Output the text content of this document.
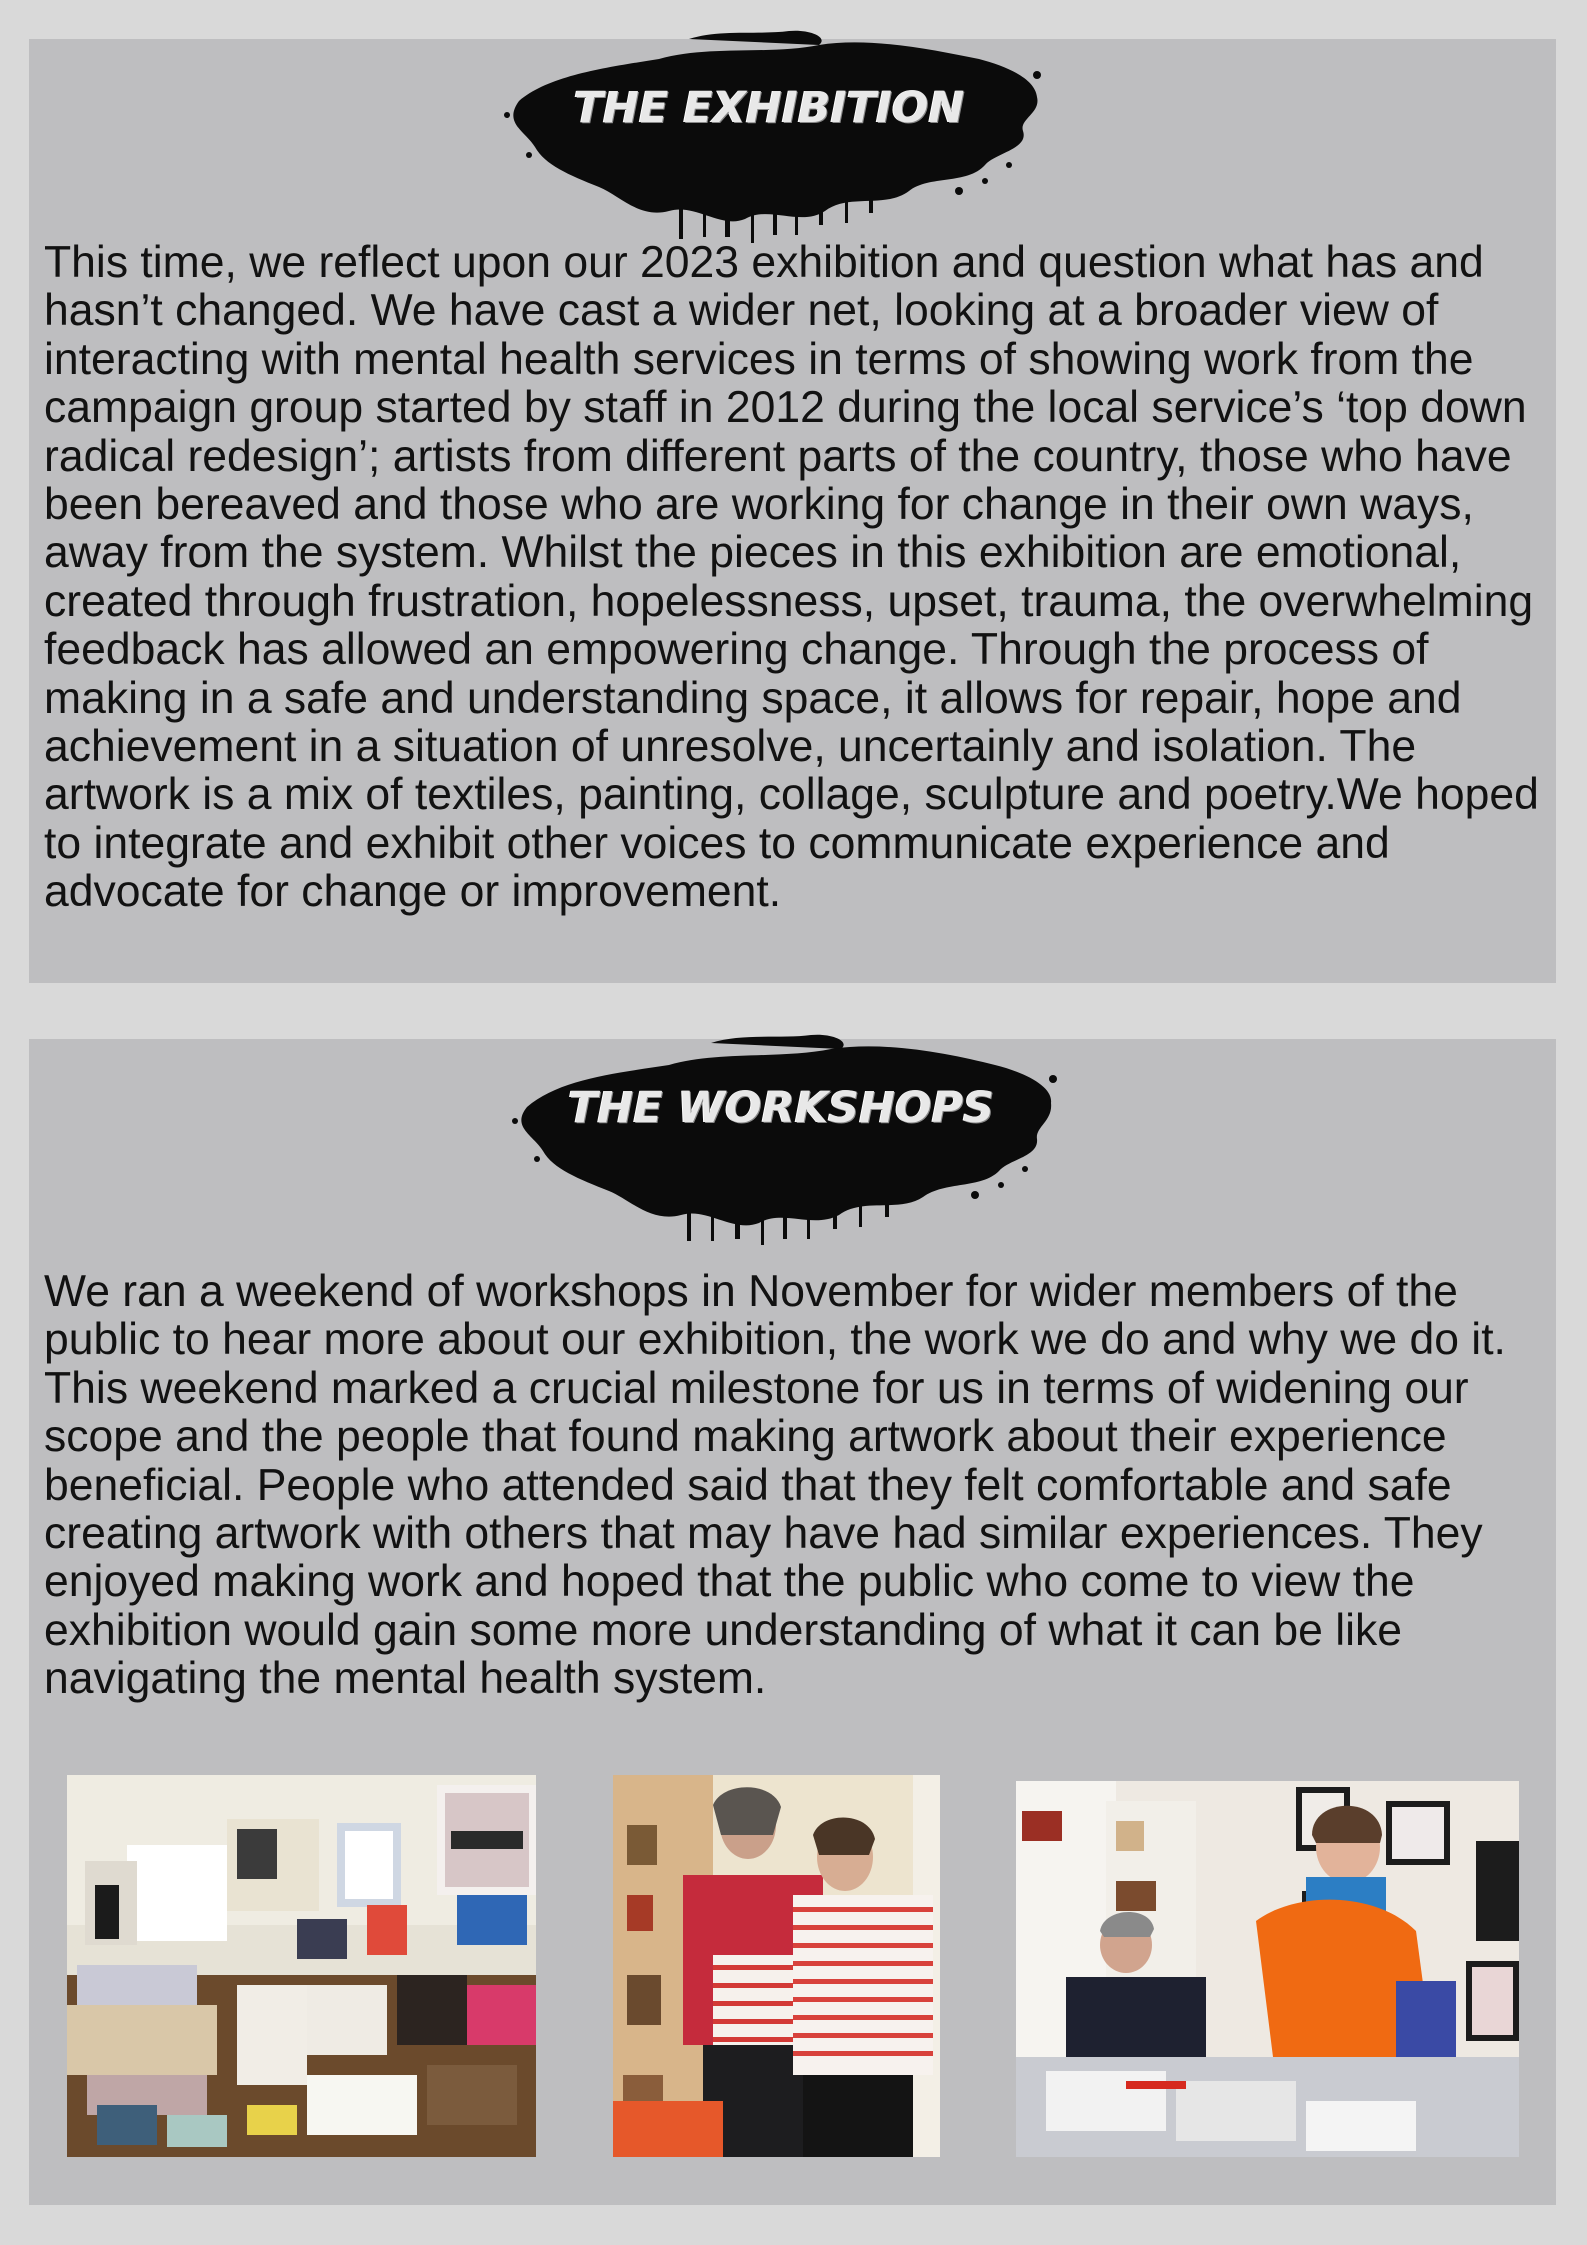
THE EXHIBITION

This time, we reflect upon our 2023 exhibition and question what has and hasn’t changed. We have cast a wider net, looking at a broader view of interacting with mental health services in terms of showing work from the campaign group started by staff in 2012 during the local service’s ‘top down radical redesign’; artists from different parts of the country, those who have been bereaved and those who are working for change in their own ways, away from the system. Whilst the pieces in this exhibition are emotional, created through frustration, hopelessness, upset, trauma, the overwhelming feedback has allowed an empowering change. Through the process of making in a safe and understanding space, it allows for repair, hope and achievement in a situation of unresolve, uncertainly and isolation. The artwork is a mix of textiles, painting, collage, sculpture and poetry.We hoped to integrate and exhibit other voices to communicate experience and advocate for change or improvement.

THE WORKSHOPS

We ran a weekend of workshops in November for wider members of the public to hear more about our exhibition, the work we do and why we do it. This weekend marked a crucial milestone for us in terms of widening our scope and the people that found making artwork about their experience beneficial. People who attended said that they felt comfortable and safe creating artwork with others that may have had similar experiences. They enjoyed making work and hoped that the public who come to view the exhibition would gain some more understanding of what it can be like navigating the mental health system.
